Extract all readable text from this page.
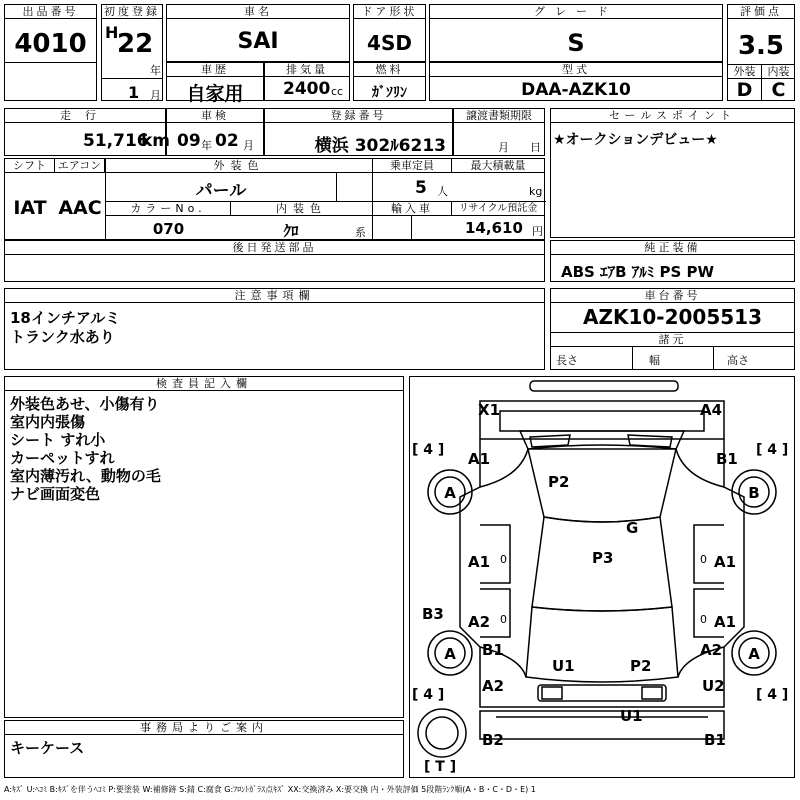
出品番号
4010
初度登録
H
22
年
1 月
車名
SAI
ドア形状
4SD
グレード
S
評価点
3.5
外装	内装
D	C
車歴
自家用
排気量
2400 cc
燃料
ｶﾞｿﾘﾝ
型式
DAA-AZK10
走行
51,716
km
車検
09 年 02 月
登録番号
横浜 302ﾙ6213
譲渡書類期限
月 日
セールスポイント
★オークションデビュー★
シフト
IAT
エアコン
AAC
外装色
パール
乗車定員
5 人
最大積載量
kg
カラーNo.
070
内装色
ｸﾛ	系
輸入車	リサイクル預託金
14,610 円
後日発送部品	純正装備
ABS ｴｱB ｱﾙﾐ PS PW
注意事項欄
18インチアルミ
トランク水あり
車台番号
AZK10-2005513
諸元
長さ	幅	高さ
検査員記入欄
外装色あせ、小傷有り
室内内張傷
シート すれ小
カーペットすれ
室内薄汚れ、動物の毛
ナビ画面変色
事務局よりご案内
キーケース
X1	A4
A1	B1
P2
G
P3
A1	A1
B3 A2	A1
B1	A2
U1	P2
A2	U2
U1
B2	B1
A	B
A	A
[ 4 ]	[ 4 ]
[ 4 ]	[ 4 ]
[ T ]
0	0
0	0
A:ｷｽﾞ U:ﾍｺﾐ B:ｷｽﾞを伴うﾍｺﾐ P:要塗装 W:補修跡 S:錆 C:腐食 G:ﾌﾛﾝﾄｶﾞﾗｽ点ｷｽﾞ XX:交換済み X:要交換 内・外装評価 5段階ﾗﾝｸ順(A・B・C・D・E) 1
